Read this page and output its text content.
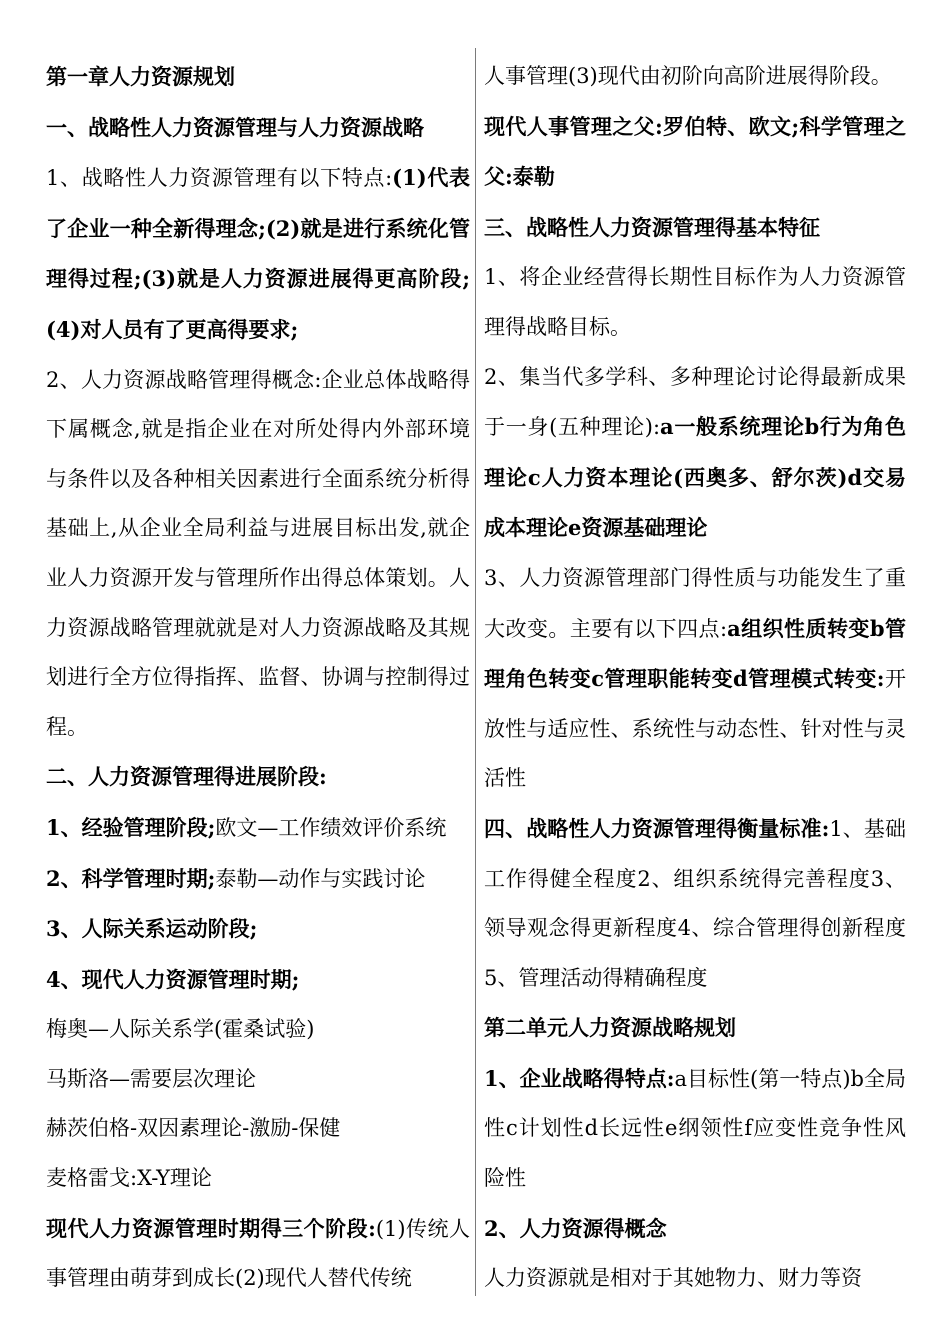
第一章人力资源规划

一、战略性人力资源管理与人力资源战略

1、战略性人力资源管理有以下特点:(1)代表了企业一种全新得理念;(2)就是进行系统化管理得过程;(3)就是人力资源进展得更高阶段;(4)对人员有了更高得要求;

2、人力资源战略管理得概念:企业总体战略得下属概念,就是指企业在对所处得内外部环境与条件以及各种相关因素进行全面系统分析得基础上,从企业全局利益与进展目标出发,就企业人力资源开发与管理所作出得总体策划。人力资源战略管理就就是对人力资源战略及其规划进行全方位得指挥、监督、协调与控制得过程。

二、人力资源管理得进展阶段:

1、经验管理阶段;欧文—工作绩效评价系统

2、科学管理时期;泰勒—动作与实践讨论

3、人际关系运动阶段;

4、现代人力资源管理时期;

梅奥—人际关系学(霍桑试验)

马斯洛—需要层次理论

赫茨伯格-双因素理论-激励-保健

麦格雷戈:X-Y理论

现代人力资源管理时期得三个阶段:(1)传统人事管理由萌芽到成长(2)现代人替代传统

人事管理(3)现代由初阶向高阶进展得阶段。

现代人事管理之父:罗伯特、欧文;科学管理之父:泰勒

三、战略性人力资源管理得基本特征

1、将企业经营得长期性目标作为人力资源管理得战略目标。

2、集当代多学科、多种理论讨论得最新成果于一身(五种理论):a一般系统理论b行为角色理论c人力资本理论(西奥多、舒尔茨)d交易成本理论e资源基础理论

3、人力资源管理部门得性质与功能发生了重大改变。主要有以下四点:a组织性质转变b管理角色转变c管理职能转变d管理模式转变:开放性与适应性、系统性与动态性、针对性与灵活性

四、战略性人力资源管理得衡量标准:1、基础工作得健全程度2、组织系统得完善程度3、领导观念得更新程度4、综合管理得创新程度5、管理活动得精确程度

第二单元人力资源战略规划

1、企业战略得特点:a目标性(第一特点)b全局性c计划性d长远性e纲领性f应变性竞争性风险性

2、人力资源得概念

人力资源就是相对于其她物力、财力等资
